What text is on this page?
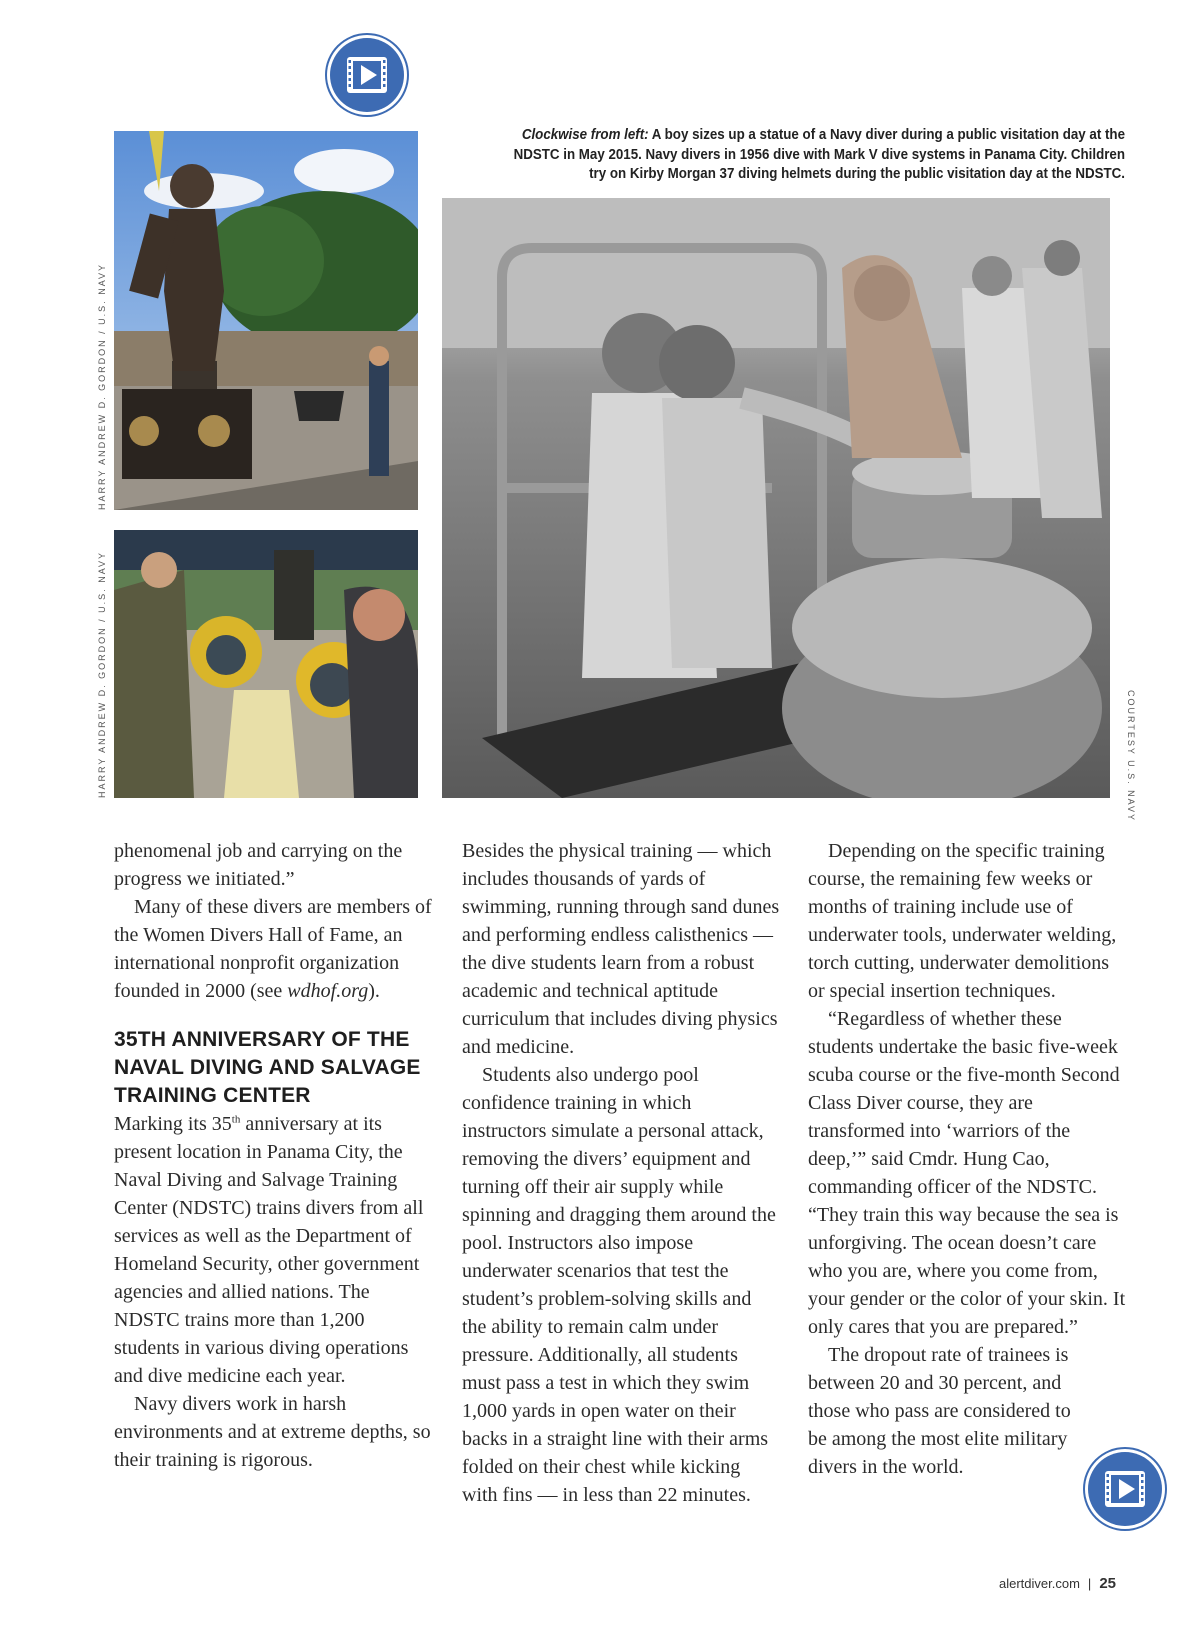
HARRY ANDREW D. GORDON / U.S. NAVY
HARRY ANDREW D. GORDON / U.S. NAVY
Clockwise from left: A boy sizes up a statue of a Navy diver during a public visitation day at the NDSTC in May 2015. Navy divers in 1956 dive with Mark V dive systems in Panama City. Children try on Kirby Morgan 37 diving helmets during the public visitation day at the NDSTC.
COURTESY U.S. NAVY

phenomenal job and carrying on the progress we initiated.”

Many of these divers are members of the Women Divers Hall of Fame, an international nonprofit organization founded in 2000 (see wdhof.org).

35TH ANNIVERSARY OF THE NAVAL DIVING AND SALVAGE TRAINING CENTER

Marking its 35th anniversary at its present location in Panama City, the Naval Diving and Salvage Training Center (NDSTC) trains divers from all services as well as the Department of Homeland Security, other government agencies and allied nations. The NDSTC trains more than 1,200 students in various diving operations and dive medicine each year.

Navy divers work in harsh environments and at extreme depths, so their training is rigorous.

Besides the physical training — which includes thousands of yards of swimming, running through sand dunes and performing endless calisthenics — the dive students learn from a robust academic and technical aptitude curriculum that includes diving physics and medicine.

Students also undergo pool confidence training in which instructors simulate a personal attack, removing the divers’ equipment and turning off their air supply while spinning and dragging them around the pool. Instructors also impose underwater scenarios that test the student’s problem-solving skills and the ability to remain calm under pressure. Additionally, all students must pass a test in which they swim 1,000 yards in open water on their backs in a straight line with their arms folded on their chest while kicking with fins — in less than 22 minutes.

Depending on the specific training course, the remaining few weeks or months of training include use of underwater tools, underwater welding, torch cutting, underwater demolitions or special insertion techniques.

“Regardless of whether these students undertake the basic five-week scuba course or the five-month Second Class Diver course, they are transformed into ‘warriors of the deep,’” said Cmdr. Hung Cao, commanding officer of the NDSTC. “They train this way because the sea is unforgiving. The ocean doesn’t care who you are, where you come from, your gender or the color of your skin. It only cares that you are prepared.”

The dropout rate of trainees is between 20 and 30 percent, and those who pass are considered to be among the most elite military divers in the world.

alertdiver.com | 25
